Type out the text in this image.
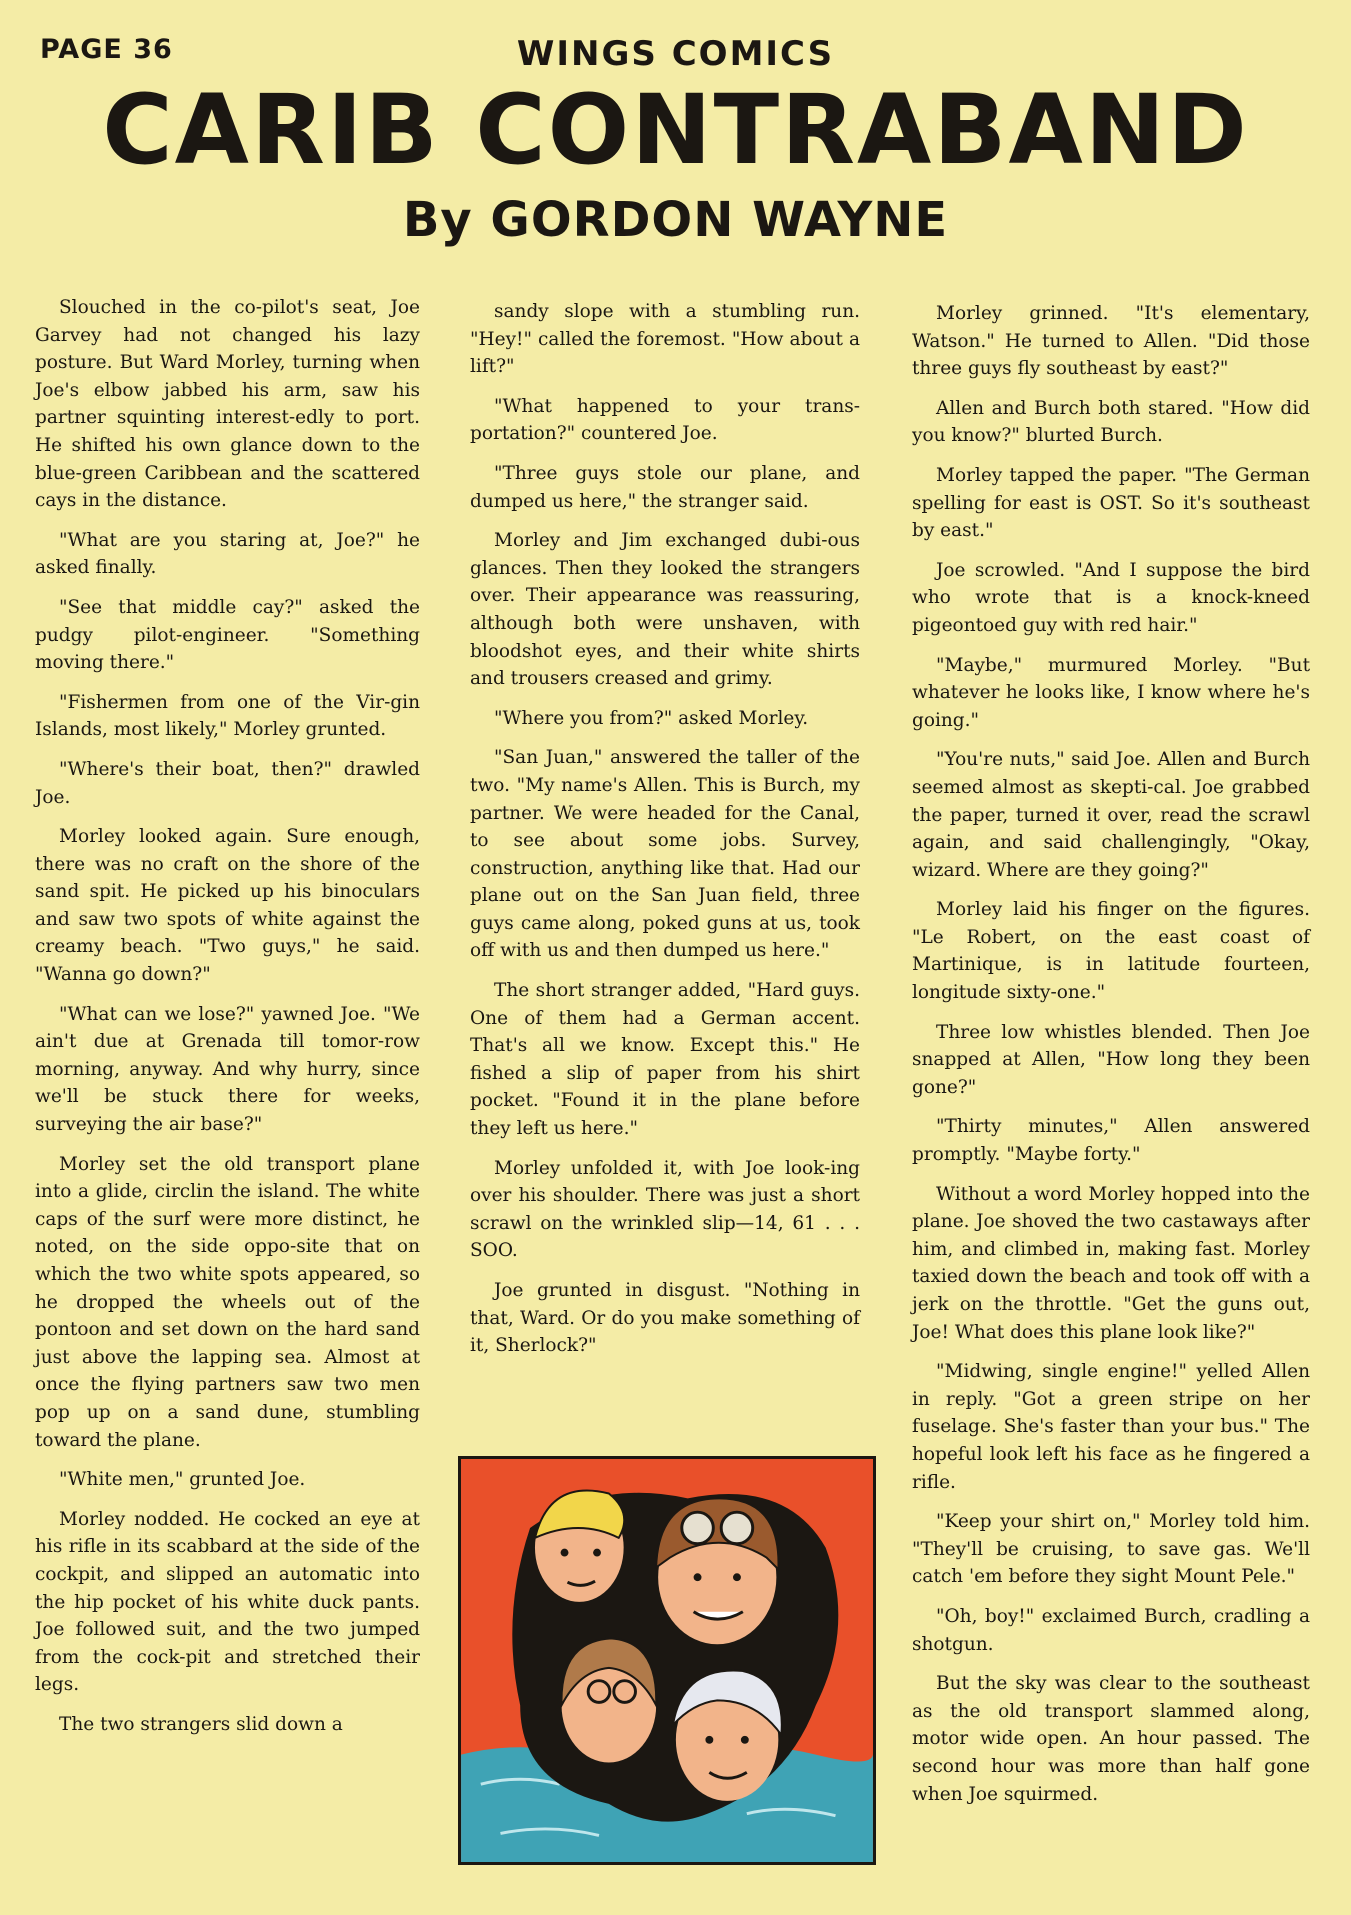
PAGE 36	WINGS COMICS
CARIB CONTRABAND
By GORDON WAYNE

Slouched in the co-pilot's seat, Joe Garvey had not changed his lazy posture. But Ward Morley, turning when Joe's elbow jabbed his arm, saw his partner squinting interest-edly to port. He shifted his own glance down to the blue-green Caribbean and the scattered cays in the distance.

"What are you staring at, Joe?" he asked finally.

"See that middle cay?" asked the pudgy pilot-engineer. "Something moving there."

"Fishermen from one of the Vir-gin Islands, most likely," Morley grunted.

"Where's their boat, then?" drawled Joe.

Morley looked again. Sure enough, there was no craft on the shore of the sand spit. He picked up his binoculars and saw two spots of white against the creamy beach. "Two guys," he said. "Wanna go down?"

"What can we lose?" yawned Joe. "We ain't due at Grenada till tomor-row morning, anyway. And why hurry, since we'll be stuck there for weeks, surveying the air base?"

Morley set the old transport plane into a glide, circlin the island. The white caps of the surf were more distinct, he noted, on the side oppo-site that on which the two white spots appeared, so he dropped the wheels out of the pontoon and set down on the hard sand just above the lapping sea. Almost at once the flying partners saw two men pop up on a sand dune, stumbling toward the plane.

"White men," grunted Joe.

Morley nodded. He cocked an eye at his rifle in its scabbard at the side of the cockpit, and slipped an automatic into the hip pocket of his white duck pants. Joe followed suit, and the two jumped from the cock-pit and stretched their legs.

The two strangers slid down a

sandy slope with a stumbling run. "Hey!" called the foremost. "How about a lift?"

"What happened to your trans-portation?" countered Joe.

"Three guys stole our plane, and dumped us here," the stranger said.

Morley and Jim exchanged dubi-ous glances. Then they looked the strangers over. Their appearance was reassuring, although both were unshaven, with bloodshot eyes, and their white shirts and trousers creased and grimy.

"Where you from?" asked Morley.

"San Juan," answered the taller of the two. "My name's Allen. This is Burch, my partner. We were headed for the Canal, to see about some jobs. Survey, construction, anything like that. Had our plane out on the San Juan field, three guys came along, poked guns at us, took off with us and then dumped us here."

The short stranger added, "Hard guys. One of them had a German accent. That's all we know. Except this." He fished a slip of paper from his shirt pocket. "Found it in the plane before they left us here."

Morley unfolded it, with Joe look-ing over his shoulder. There was just a short scrawl on the wrinkled slip—14, 61 . . . SOO.

Joe grunted in disgust. "Nothing in that, Ward. Or do you make something of it, Sherlock?"

Morley grinned. "It's elementary, Watson." He turned to Allen. "Did those three guys fly southeast by east?"

Allen and Burch both stared. "How did you know?" blurted Burch.

Morley tapped the paper. "The German spelling for east is OST. So it's southeast by east."

Joe scrowled. "And I suppose the bird who wrote that is a knock-kneed pigeontoed guy with red hair."

"Maybe," murmured Morley. "But whatever he looks like, I know where he's going."

"You're nuts," said Joe. Allen and Burch seemed almost as skepti-cal. Joe grabbed the paper, turned it over, read the scrawl again, and said challengingly, "Okay, wizard. Where are they going?"

Morley laid his finger on the figures. "Le Robert, on the east coast of Martinique, is in latitude fourteen, longitude sixty-one."

Three low whistles blended. Then Joe snapped at Allen, "How long they been gone?"

"Thirty minutes," Allen answered promptly. "Maybe forty."

Without a word Morley hopped into the plane. Joe shoved the two castaways after him, and climbed in, making fast. Morley taxied down the beach and took off with a jerk on the throttle. "Get the guns out, Joe! What does this plane look like?"

"Midwing, single engine!" yelled Allen in reply. "Got a green stripe on her fuselage. She's faster than your bus." The hopeful look left his face as he fingered a rifle.

"Keep your shirt on," Morley told him. "They'll be cruising, to save gas. We'll catch 'em before they sight Mount Pele."

"Oh, boy!" exclaimed Burch, cradling a shotgun.

But the sky was clear to the southeast as the old transport slammed along, motor wide open. An hour passed. The second hour was more than half gone when Joe squirmed.
